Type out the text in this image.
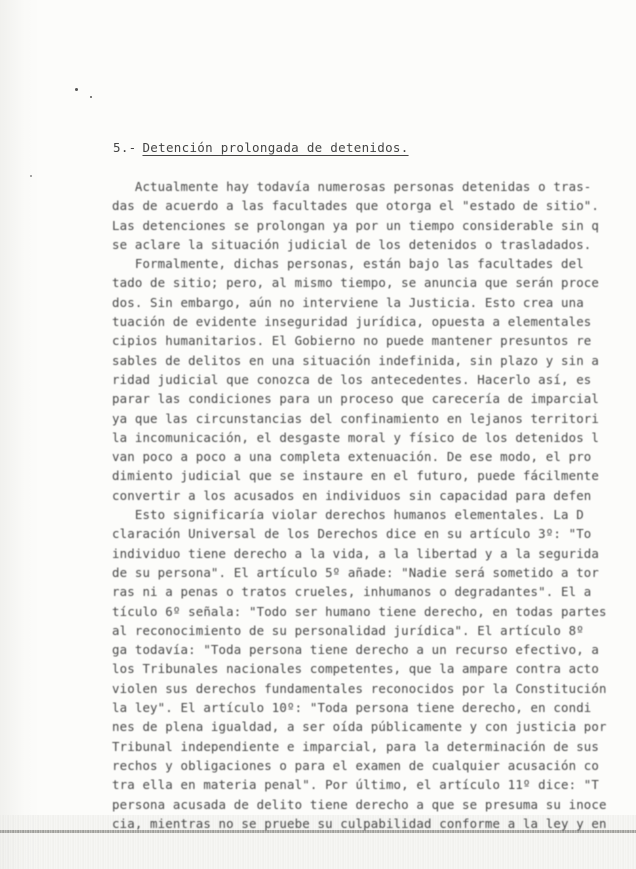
5.- Detención prolongada de detenidos.
Actualmente hay todavía numerosas personas detenidas o tras-
das de acuerdo a las facultades que otorga el "estado de sitio".
Las detenciones se prolongan ya por un tiempo considerable sin q
se aclare la situación judicial de los detenidos o trasladados.
Formalmente, dichas personas, están bajo las facultades del
tado de sitio; pero, al mismo tiempo, se anuncia que serán proce
dos. Sin embargo, aún no interviene la Justicia. Esto crea una
tuación de evidente inseguridad jurídica, opuesta a elementales
cipios humanitarios. El Gobierno no puede mantener presuntos re
sables de delitos en una situación indefinida, sin plazo y sin a
ridad judicial que conozca de los antecedentes. Hacerlo así, es
parar las condiciones para un proceso que carecería de imparcial
ya que las circunstancias del confinamiento en lejanos territori
la incomunicación, el desgaste moral y físico de los detenidos l
van poco a poco a una completa extenuación. De ese modo, el pro
dimiento judicial que se instaure en el futuro, puede fácilmente
convertir a los acusados en individuos sin capacidad para defen
Esto significaría violar derechos humanos elementales. La D
claración Universal de los Derechos dice en su artículo 3º: "To
individuo tiene derecho a la vida, a la libertad y a la segurida
de su persona". El artículo 5º añade: "Nadie será sometido a tor
ras ni a penas o tratos crueles, inhumanos o degradantes". El a
tículo 6º señala: "Todo ser humano tiene derecho, en todas partes
al reconocimiento de su personalidad jurídica". El artículo 8º
ga todavía: "Toda persona tiene derecho a un recurso efectivo, a
los Tribunales nacionales competentes, que la ampare contra acto
violen sus derechos fundamentales reconocidos por la Constitución
la ley". El artículo 10º: "Toda persona tiene derecho, en condi
nes de plena igualdad, a ser oída públicamente y con justicia por
Tribunal independiente e imparcial, para la determinación de sus
rechos y obligaciones o para el examen de cualquier acusación co
tra ella en materia penal". Por último, el artículo 11º dice: "T
persona acusada de delito tiene derecho a que se presuma su inoce
cia, mientras no se pruebe su culpabilidad conforme a la ley y en
